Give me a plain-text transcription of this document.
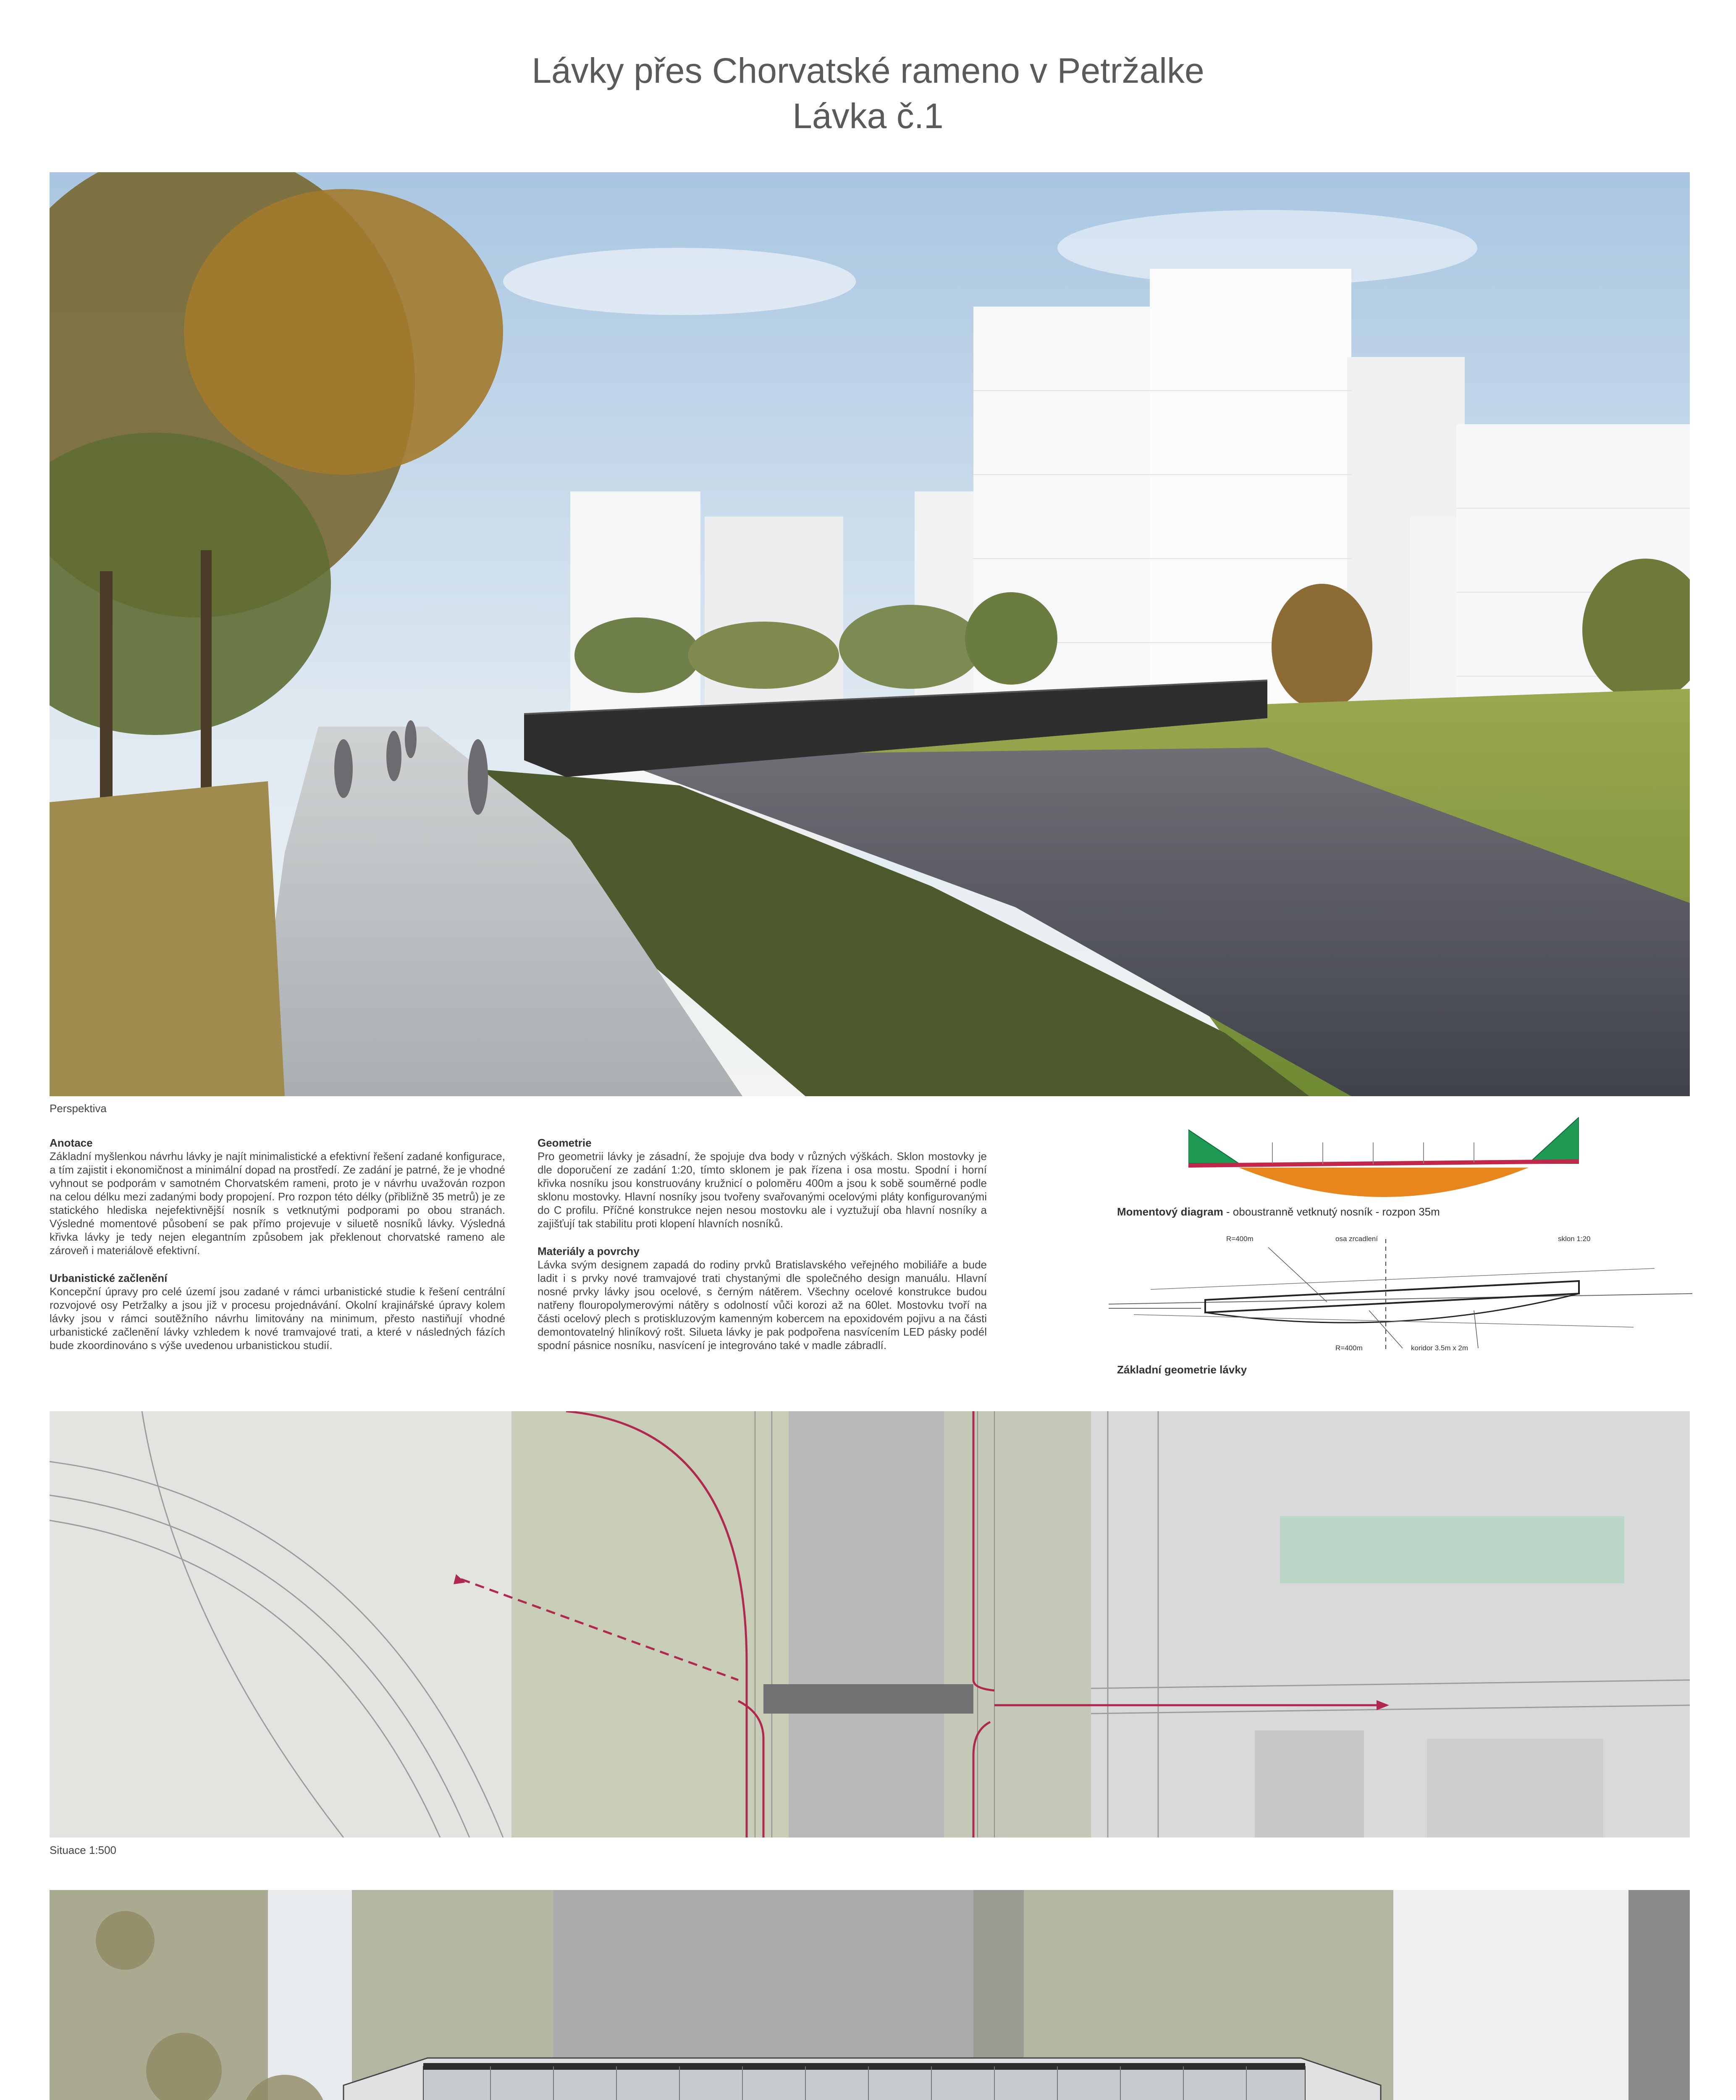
Lávky přes Chorvatské rameno v Petržalke
Lávka č.1
Perspektiva
Anotace

Základní myšlenkou návrhu lávky je najít minimalistické a efektivní řešení zadané konfigurace, a tím zajistit i ekonomičnost a minimální dopad na prostředí. Ze zadání je patrné, že je vhodné vyhnout se podporám v samotném Chorvatském rameni, proto je v návrhu uvažován rozpon na celou délku mezi zadanými body propojení. Pro rozpon této délky (přibližně 35 metrů) je ze statického hlediska nejefektivnější nosník s vetknutými podporami po obou stranách. Výsledné momentové působení se pak přímo projevuje v siluetě nosníků lávky. Výsledná křivka lávky je tedy nejen elegantním způsobem jak překlenout chorvatské rameno ale zároveň i materiálově efektivní.

Urbanistické začlenění

Koncepční úpravy pro celé území jsou zadané v rámci urbanistické studie k řešení centrální rozvojové osy Petržalky a jsou již v procesu projednávání. Okolní krajinářské úpravy kolem lávky jsou v rámci soutěžního návrhu limitovány na minimum, přesto nastiňují vhodné urbanistické začlenění lávky vzhledem k nové tramvajové trati, a které v následných fázích bude zkoordinováno s výše uvedenou urbanistickou studií.

Geometrie

Pro geometrii lávky je zásadní, že spojuje dva body v různých výškách. Sklon mostovky je dle doporučení ze zadání 1:20, tímto sklonem je pak řízena i osa mostu. Spodní i horní křivka nosníku jsou konstruovány kružnicí o poloměru 400m a jsou k sobě souměrné podle sklonu mostovky. Hlavní nosníky jsou tvořeny svařovanými ocelovými pláty konfigurovanými do C profilu. Příčné konstrukce nejen nesou mostovku ale i vyztužují oba hlavní nosníky a zajišťují tak stabilitu proti klopení hlavních nosníků.

Materiály a povrchy

Lávka svým designem zapadá do rodiny prvků Bratislavského veřejného mobiliáře a bude ladit i s prvky nové tramvajové trati chystanými dle společného design manuálu. Hlavní nosné prvky lávky jsou ocelové, s černým nátěrem. Všechny ocelové konstrukce budou natřeny flouropolymerovými nátěry s odolností vůči korozi až na 60let. Mostovku tvoří na části ocelový plech s protiskluzovým kamenným kobercem na epoxidovém pojivu a na části demontovatelný hliníkový rošt. Silueta lávky je pak podpořena nasvícením LED pásky podél spodní pásnice nosníku, nasvícení je integrováno také v madle zábradlí.

Momentový diagram - oboustranně vetknutý nosník - rozpon 35m
R=400m	osa zrcadlení	sklon 1:20
R=400m	koridor 3.5m x 2m
Základní geometrie lávky
Situace 1:500
